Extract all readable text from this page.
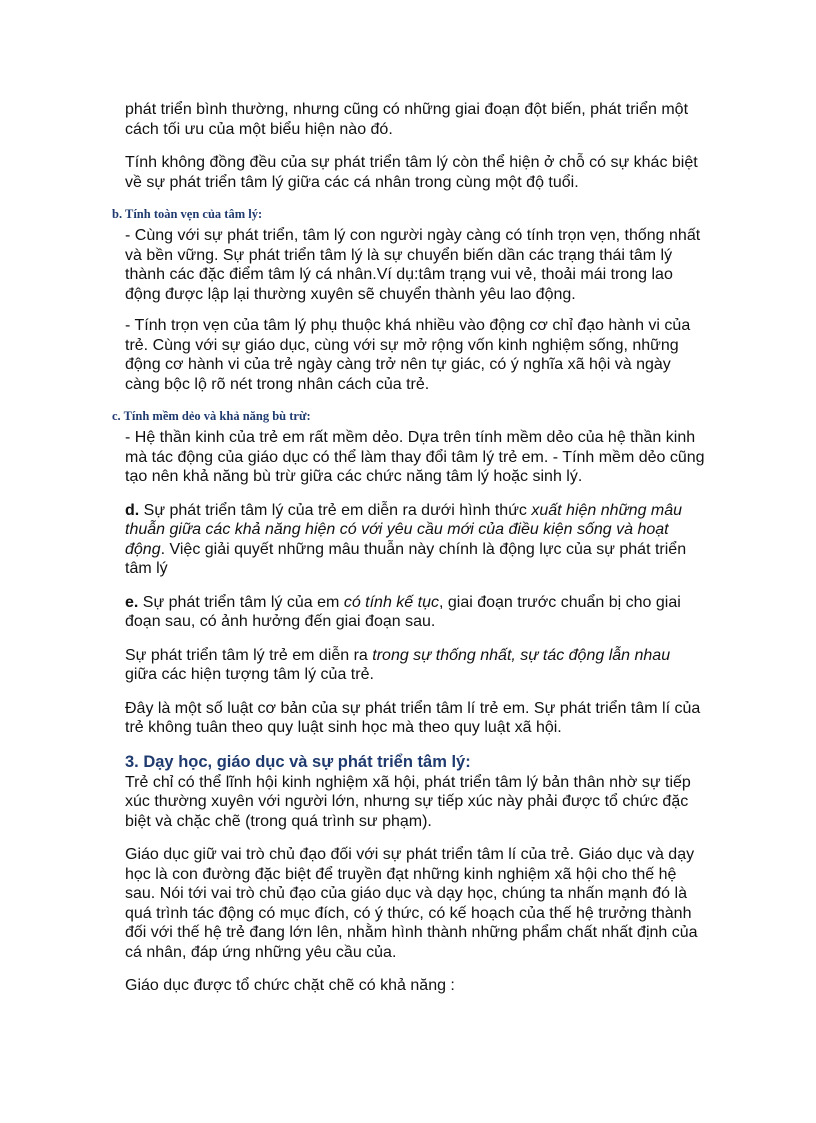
phát triển bình thường, nhưng cũng có những giai đoạn đột biến, phát triển một cách tối ưu của một biểu hiện nào đó.

Tính không đồng đều của sự phát triển tâm lý còn thể hiện ở chỗ có sự khác biệt về sự phát triển tâm lý giữa các cá nhân trong cùng một độ tuổi.

b. Tính toàn vẹn của tâm lý:

- Cùng với sự phát triển, tâm lý con người ngày càng có tính trọn vẹn, thống nhất và bền vững. Sự phát triển tâm lý là sự chuyển biến dần các trạng thái tâm lý thành các đặc điểm tâm lý cá nhân.Ví dụ:tâm trạng vui vẻ, thoải mái trong lao động được lập lại thường xuyên sẽ chuyển thành yêu lao động.

- Tính trọn vẹn của tâm lý phụ thuộc khá nhiều vào động cơ chỉ đạo hành vi của trẻ. Cùng với sự giáo dục, cùng với sự mở rộng vốn kinh nghiệm sống, những động cơ hành vi của trẻ ngày càng trở nên tự giác, có ý nghĩa xã hội và ngày càng bộc lộ rõ nét trong nhân cách của trẻ.

c. Tính mềm dẻo và khả năng bù trừ:

- Hệ thần kinh của trẻ em rất mềm dẻo. Dựa trên tính mềm dẻo của hệ thần kinh mà tác động của giáo dục có thể làm thay đổi tâm lý trẻ em. - Tính mềm dẻo cũng tạo nên khả năng bù trừ giữa các chức năng tâm lý hoặc sinh lý.

d. Sự phát triển tâm lý của trẻ em diễn ra dưới hình thức xuất hiện những mâu thuẫn giữa các khả năng hiện có với yêu cầu mới của điều kiện sống và hoạt động. Việc giải quyết những mâu thuẫn này chính là động lực của sự phát triển tâm lý

e. Sự phát triển tâm lý của em có tính kế tục, giai đoạn trước chuẩn bị cho giai đoạn sau, có ảnh hưởng đến giai đoạn sau.

Sự phát triển tâm lý trẻ em diễn ra trong sự thống nhất, sự tác động lẫn nhau giữa các hiện tượng tâm lý của trẻ.

Đây là một số luật cơ bản của sự phát triển tâm lí trẻ em. Sự phát triển tâm lí của trẻ không tuân theo quy luật sinh học mà theo quy luật xã hội.

3. Dạy học, giáo dục và sự phát triển tâm lý:

Trẻ chỉ có thể lĩnh hội kinh nghiệm xã hội, phát triển tâm lý bản thân nhờ sự tiếp xúc thường xuyên với người lớn, nhưng sự tiếp xúc này phải được tổ chức đặc biệt và chặc chẽ (trong quá trình sư phạm).

Giáo dục giữ vai trò chủ đạo đối với sự phát triển tâm lí của trẻ. Giáo dục và dạy học là con đường đặc biệt để truyền đạt những kinh nghiệm xã hội cho thế hệ sau. Nói tới vai trò chủ đạo của giáo dục và dạy học, chúng ta nhấn mạnh đó là quá trình tác động có mục đích, có ý thức, có kế hoạch của thế hệ trưởng thành đối với thế hệ trẻ đang lớn lên, nhằm hình thành những phẩm chất nhất định của cá nhân, đáp ứng những yêu cầu của.

Giáo dục được tổ chức chặt chẽ có khả năng :
